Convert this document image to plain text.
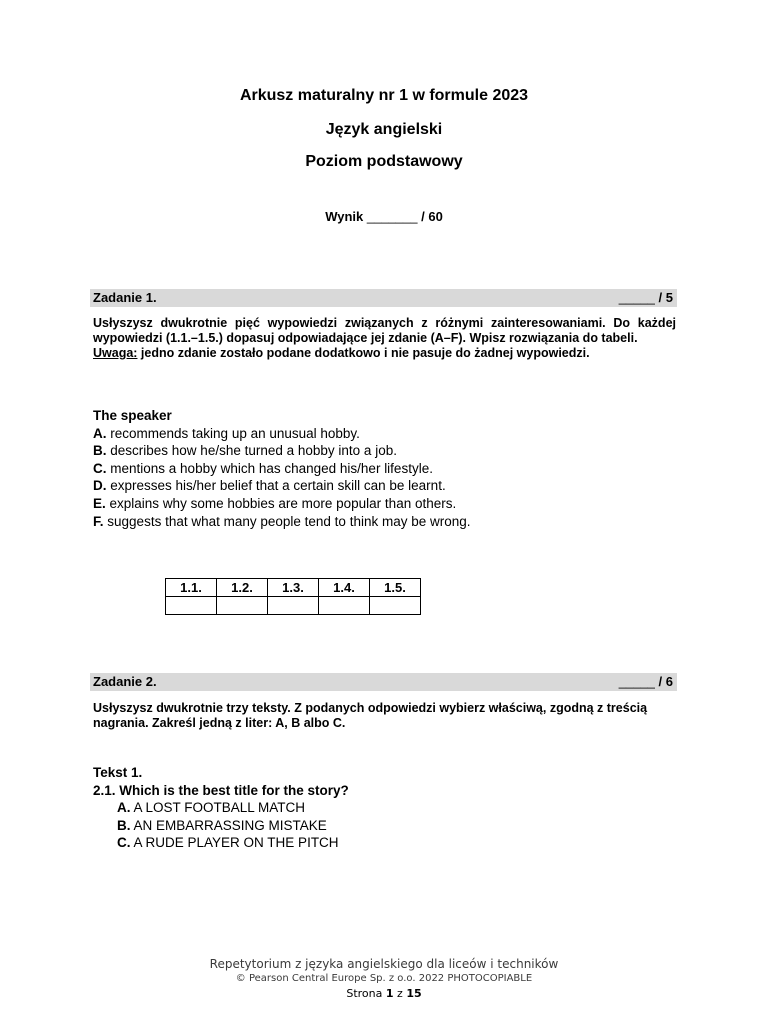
Arkusz maturalny nr 1 w formule 2023

Język angielski

Poziom podstawowy

Wynik _______ / 60
Zadanie 1.	_____ / 5
Usłyszysz dwukrotnie pięć wypowiedzi związanych z różnymi zainteresowaniami. Do każdej wypowiedzi (1.1.–1.5.) dopasuj odpowiadające jej zdanie (A–F). Wpisz rozwiązania do tabeli.
Uwaga: jedno zdanie zostało podane dodatkowo i nie pasuje do żadnej wypowiedzi.
The speaker
A. recommends taking up an unusual hobby.
B. describes how he/she turned a hobby into a job.
C. mentions a hobby which has changed his/her lifestyle.
D. expresses his/her belief that a certain skill can be learnt.
E. explains why some hobbies are more popular than others.
F. suggests that what many people tend to think may be wrong.
1.1.	1.2.	1.3.	1.4.	1.5.

Zadanie 2.	_____ / 6
Usłyszysz dwukrotnie trzy teksty. Z podanych odpowiedzi wybierz właściwą, zgodną z treścią nagrania. Zakreśl jedną z liter: A, B albo C.
Tekst 1.
2.1. Which is the best title for the story?
A. A LOST FOOTBALL MATCH
B. AN EMBARRASSING MISTAKE
C. A RUDE PLAYER ON THE PITCH
Repetytorium z języka angielskiego dla liceów i techników
© Pearson Central Europe Sp. z o.o. 2022 PHOTOCOPIABLE
Strona 1 z 15
